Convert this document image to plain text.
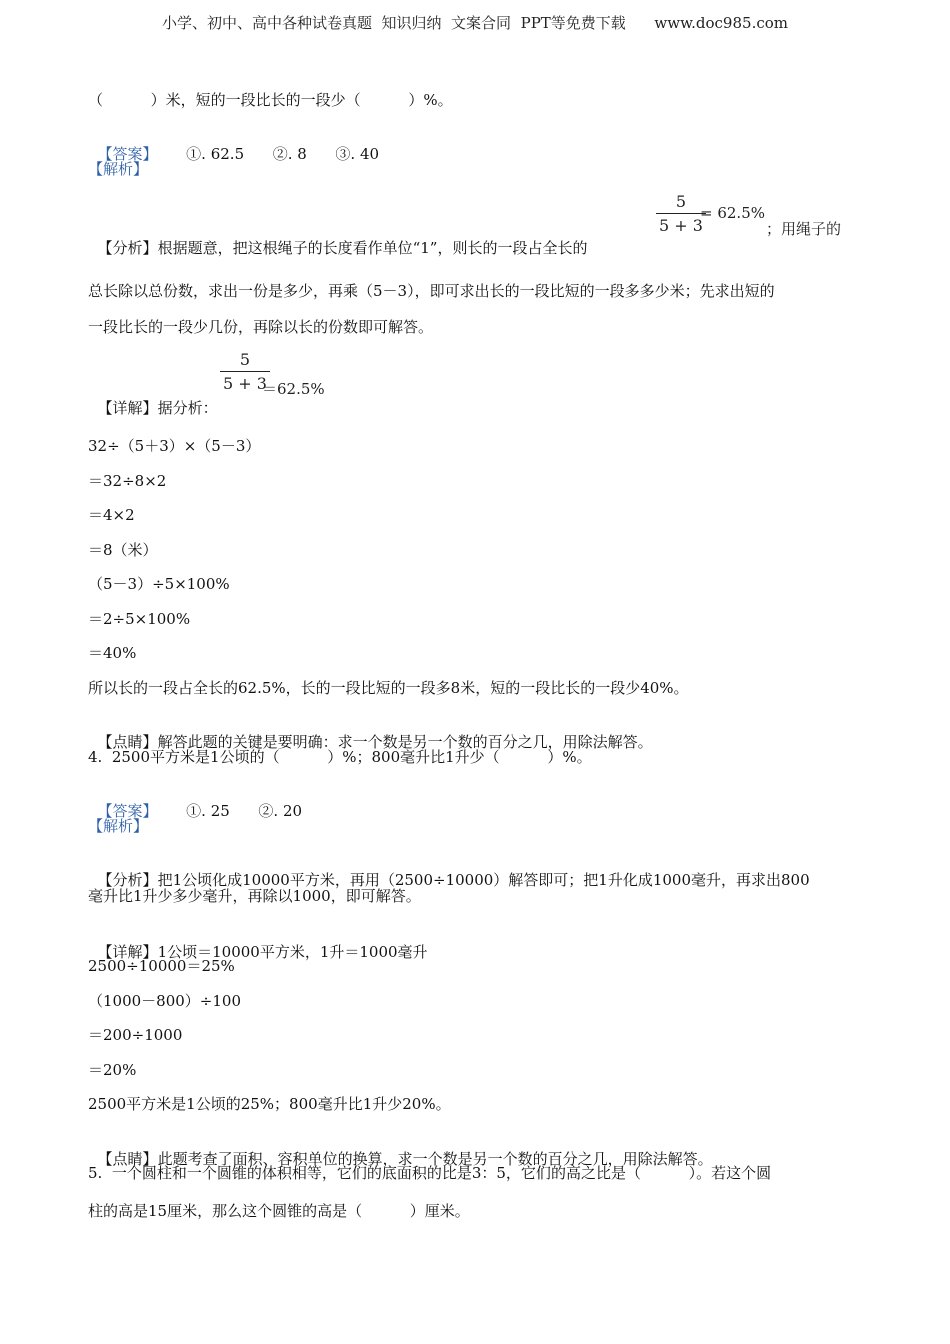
小学、初中、高中各种试卷真题  知识归纳  文案合同  PPT等免费下载      www.doc985.com
（          ）米，短的一段比长的一段少（          ）%。

【答案】 ①. 62.5      ②. 8      ③. 40

【解析】

【分析】根据题意，把这根绳子的长度看作单位“1”，则长的一段占全长的

5
5 + 3
= 62.5%
；用绳子的
总长除以总份数，求出一份是多少，再乘（5－3），即可求出长的一段比短的一段多多少米；先求出短的
一段比长的一段少几份，再除以长的份数即可解答。

【详解】据分析：

5
5 + 3
＝62.5%
32÷（5＋3）×（5－3）
＝32÷8×2
＝4×2
＝8（米）
（5－3）÷5×100%
＝2÷5×100%
＝40%
所以长的一段占全长的62.5%，长的一段比短的一段多8米，短的一段比长的一段少40%。

【点睛】解答此题的关键是要明确：求一个数是另一个数的百分之几，用除法解答。

4.  2500平方米是1公顷的（          ）%；800毫升比1升少（          ）%。

【答案】 ①. 25      ②. 20

【解析】

【分析】把1公顷化成10000平方米，再用（2500÷10000）解答即可；把1升化成1000毫升，再求出800

毫升比1升少多少毫升，再除以1000，即可解答。

【详解】1公顷＝10000平方米，1升＝1000毫升

2500÷10000＝25%
（1000－800）÷100
＝200÷1000
＝20%
2500平方米是1公顷的25%；800毫升比1升少20%。

【点睛】此题考查了面积、容积单位的换算，求一个数是另一个数的百分之几，用除法解答。

5.  一个圆柱和一个圆锥的体积相等，它们的底面积的比是3：5，它们的高之比是（          ）。若这个圆
柱的高是15厘米，那么这个圆锥的高是（          ）厘米。
